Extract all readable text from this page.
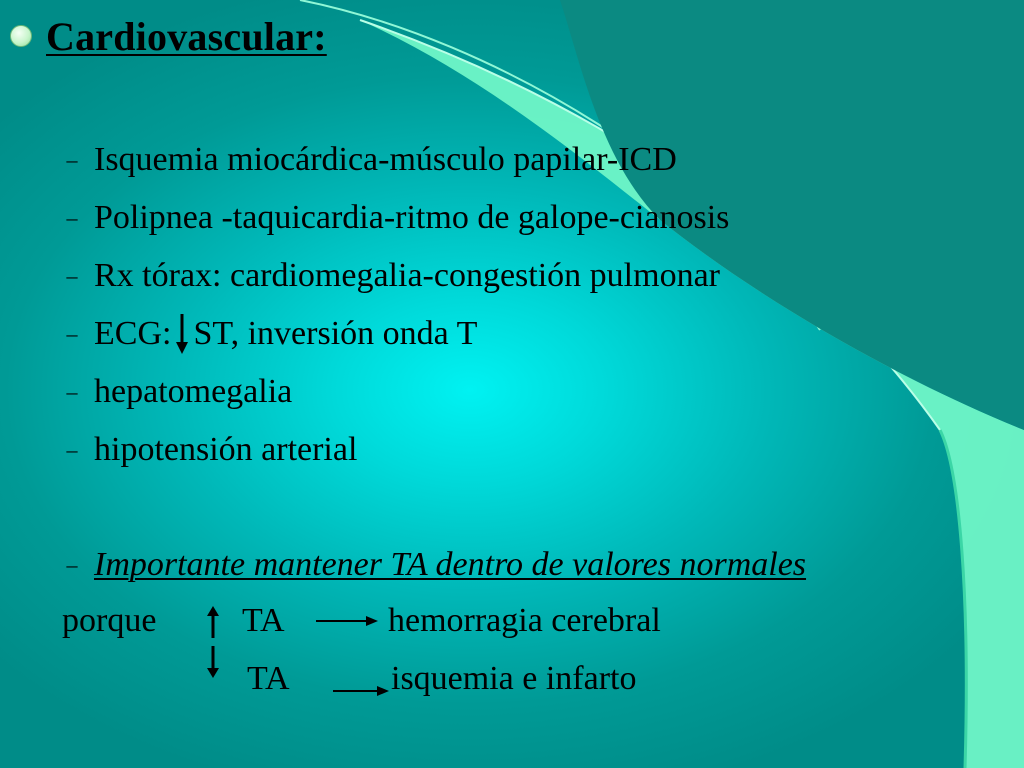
Cardiovascular:
– Isquemia miocárdica-músculo papilar-ICD
– Polipnea -taquicardia-ritmo de galope-cianosis
– Rx tórax: cardiomegalia-congestión pulmonar
– ECG: ST, inversión onda T
– hepatomegalia
– hipotensión arterial
– Importante mantener TA dentro de valores normales
porque	TA	hemorragia cerebral
TA	isquemia e infarto
